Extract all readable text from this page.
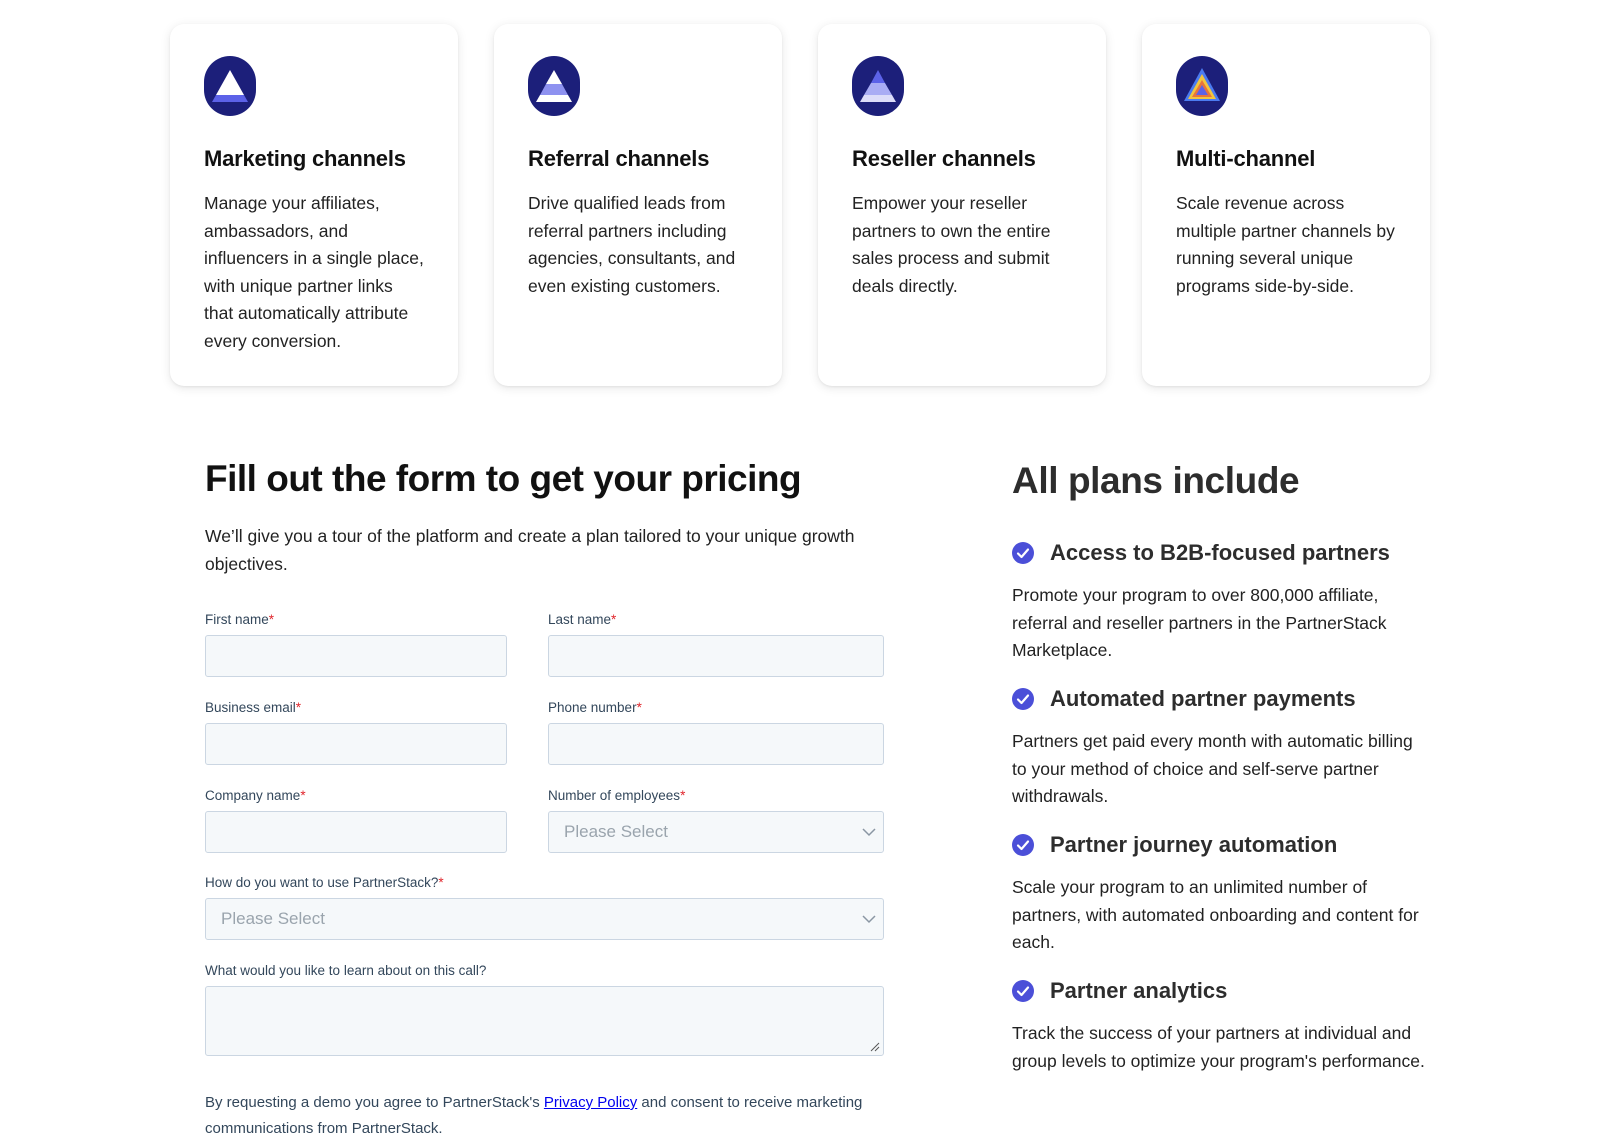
Marketing channels
Manage your affiliates, ambassadors, and influencers in a single place, with unique partner links that automatically attribute every conversion.
Referral channels
Drive qualified leads from referral partners including agencies, consultants, and even existing customers.
Reseller channels
Empower your reseller partners to own the entire sales process and submit deals directly.
Multi-channel
Scale revenue across multiple partner channels by running several unique programs side-by-side.
Fill out the form to get your pricing
We’ll give you a tour of the platform and create a plan tailored to your unique growth objectives.
First name*	Last name*
Business email*	Phone number*
Company name*	Number of employees*
Please Select
How do you want to use PartnerStack?*
Please Select
What would you like to learn about on this call?
By requesting a demo you agree to PartnerStack's Privacy Policy and consent to receive marketing communications from PartnerStack.
All plans include
Access to B2B-focused partners
Promote your program to over 800,000 affiliate, referral and reseller partners in the PartnerStack Marketplace.
Automated partner payments
Partners get paid every month with automatic billing to your method of choice and self-serve partner withdrawals.
Partner journey automation
Scale your program to an unlimited number of partners, with automated onboarding and content for each.
Partner analytics
Track the success of your partners at individual and group levels to optimize your program's performance.
